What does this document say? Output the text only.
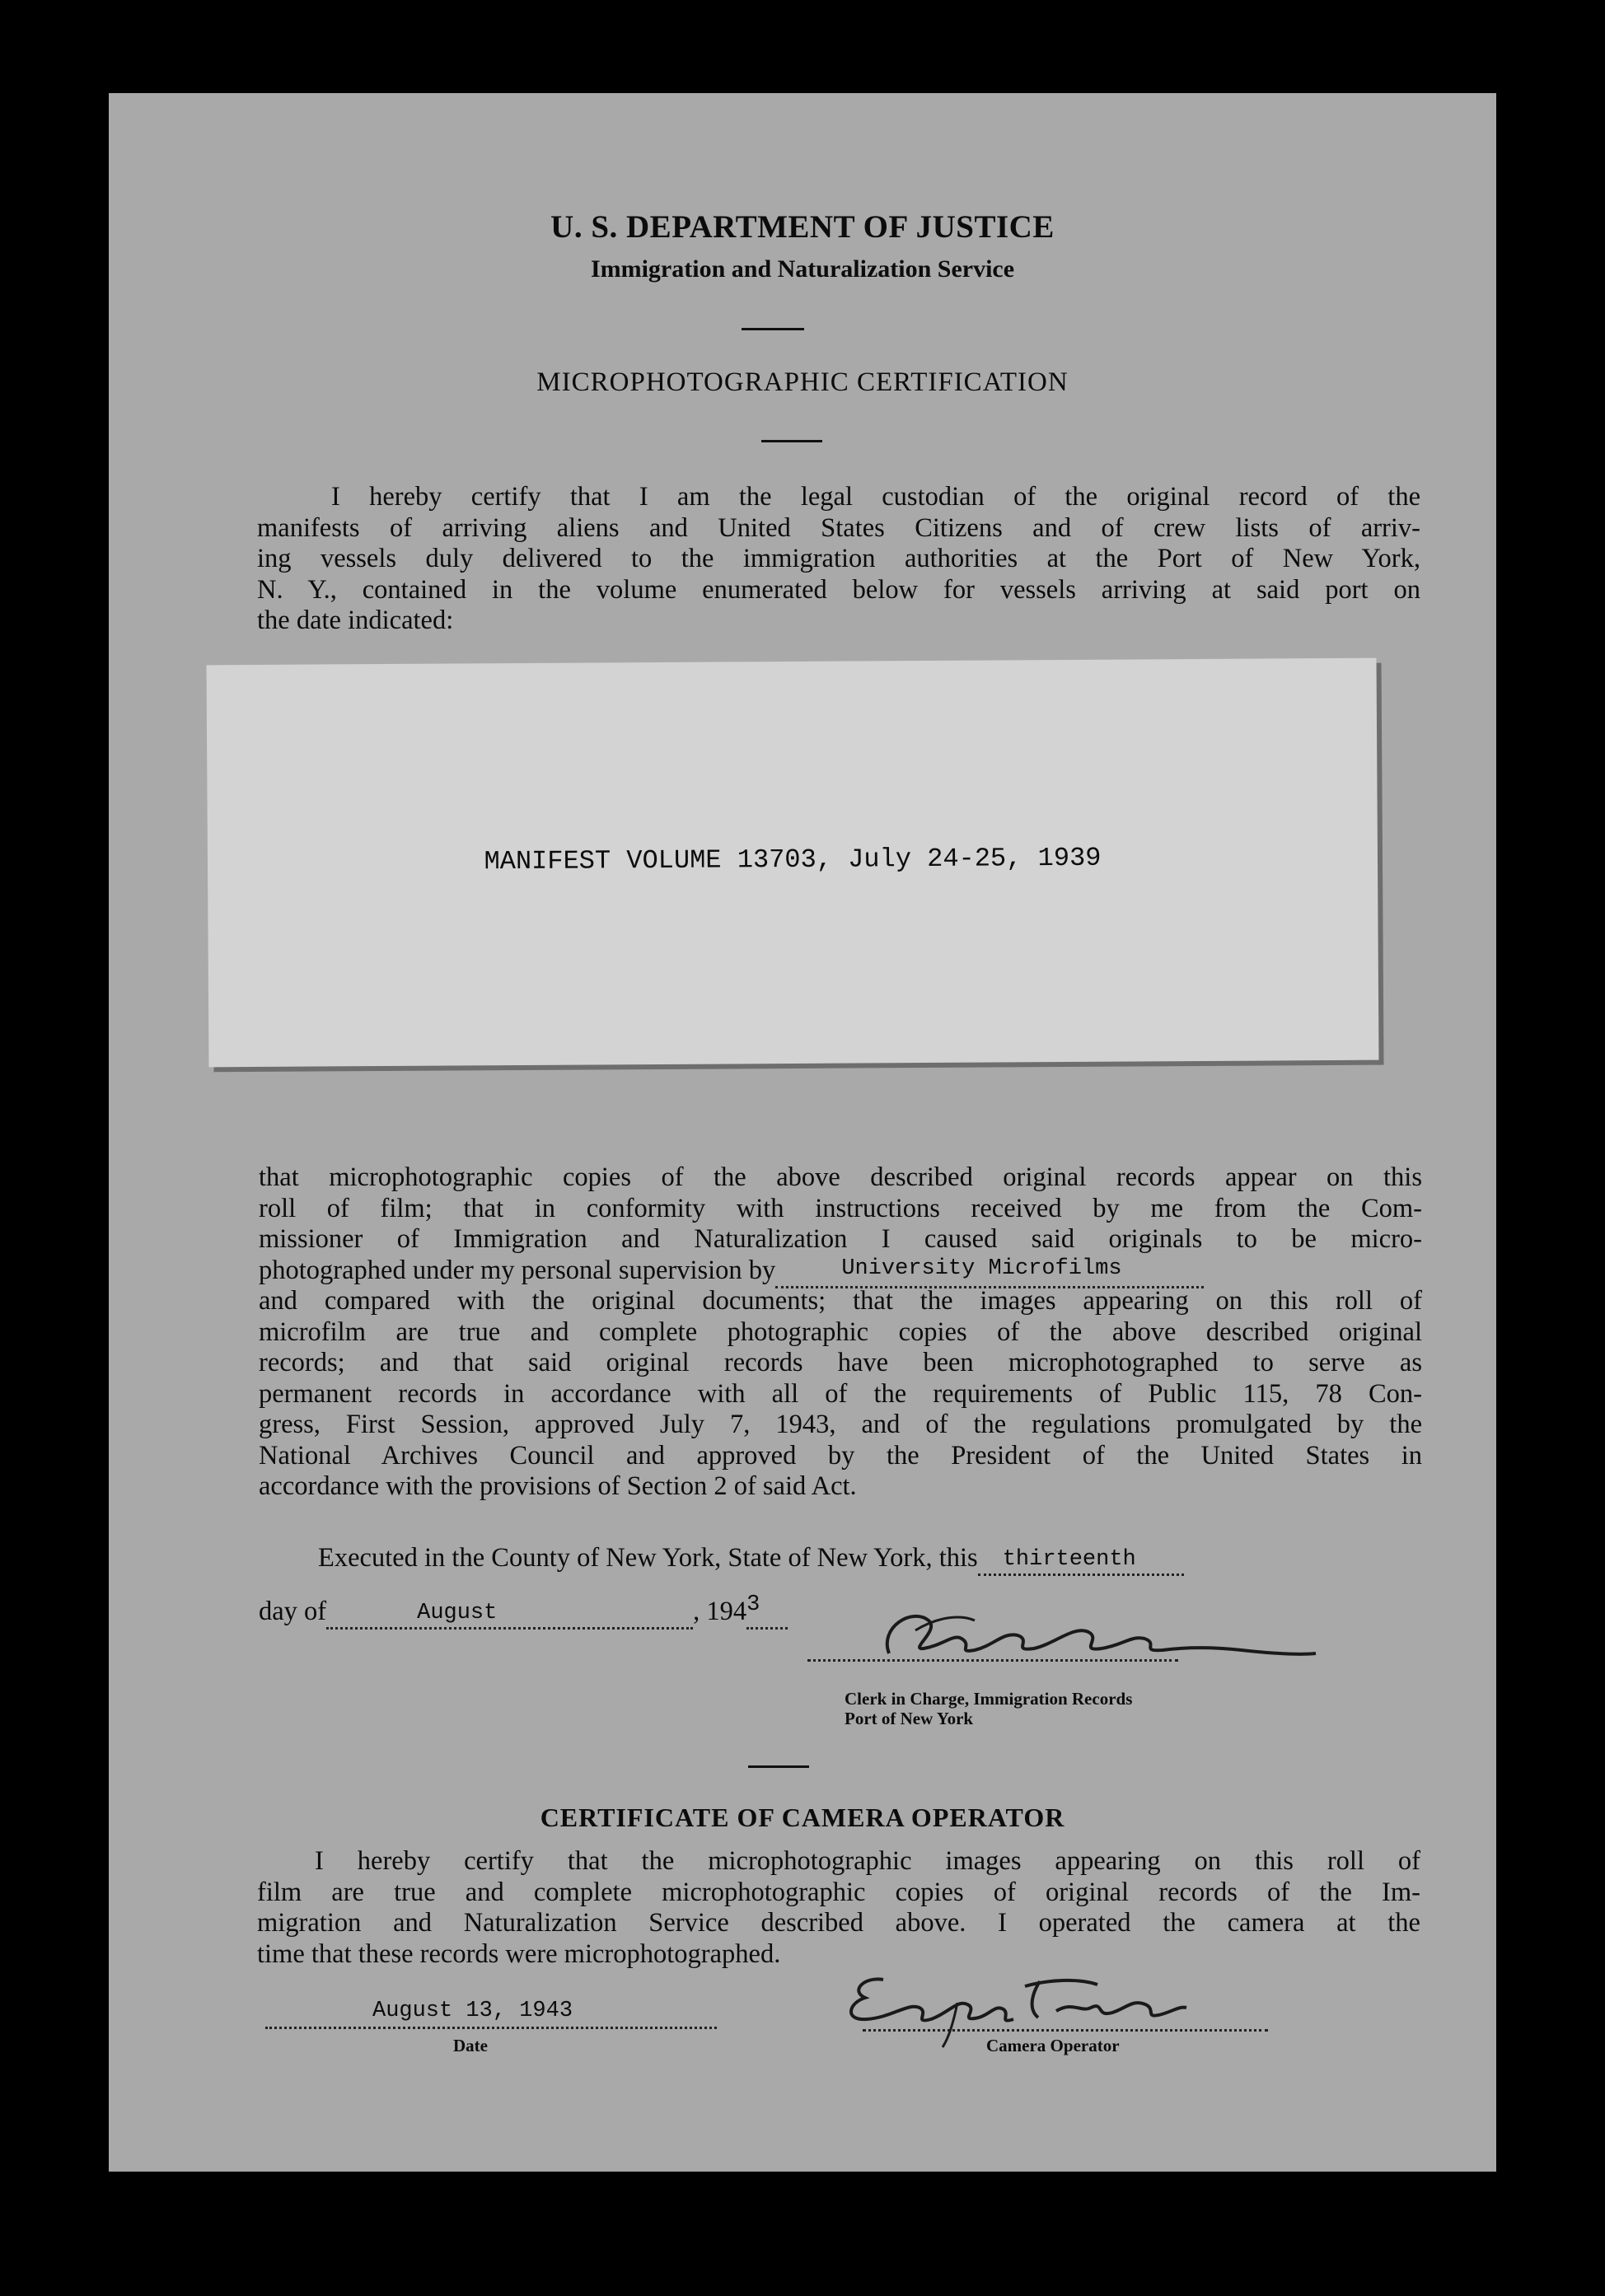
U. S. DEPARTMENT OF JUSTICE
Immigration and Naturalization Service
MICROPHOTOGRAPHIC CERTIFICATION
I hereby certify that I am the legal custodian of the original record of the
manifests of arriving aliens and United States Citizens and of crew lists of arriv-
ing vessels duly delivered to the immigration authorities at the Port of New York,
N. Y., contained in the volume enumerated below for vessels arriving at said port on
the date indicated:
MANIFEST VOLUME 13703, July 24-25, 1939
that microphotographic copies of the above described original records appear on this
roll of film; that in conformity with instructions received by me from the Com-
missioner of Immigration and Naturalization I caused said originals to be micro-
photographed under my personal supervision by	University Microfilms

and compared with the original documents; that the images appearing on this roll of
microfilm are true and complete photographic copies of the above described original
records; and that said original records have been microphotographed to serve as
permanent records in accordance with all of the requirements of Public 115, 78 Con-
gress, First Session, approved July 7, 1943, and of the regulations promulgated by the
National Archives Council and approved by the President of the United States in
accordance with the provisions of Section 2 of said Act.
Executed in the County of New York, State of New York, this thirteenth

day of	August	, 194 3

Clerk in Charge, Immigration Records
Port of New York
CERTIFICATE OF CAMERA OPERATOR
I hereby certify that the microphotographic images appearing on this roll of
film are true and complete microphotographic copies of original records of the Im-
migration and Naturalization Service described above. I operated the camera at the
time that these records were microphotographed.
August 13, 1943
Date	Camera Operator
